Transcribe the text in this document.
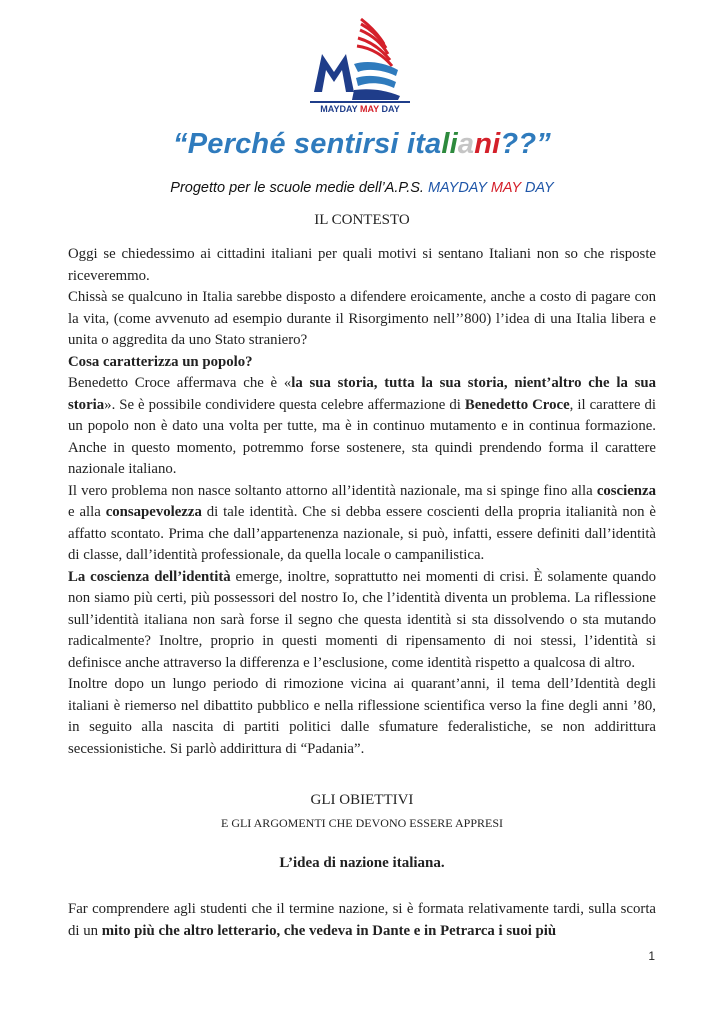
MAYDAY MAY DAY
“Perché sentirsi italiani??”
Progetto per le scuole medie dell’A.P.S. MAYDAY MAY DAY
IL CONTESTO

Oggi se chiedessimo ai cittadini italiani per quali motivi si sentano Italiani non so che risposte riceveremmo.

Chissà se qualcuno in Italia sarebbe disposto a difendere eroicamente, anche a costo di pagare con la vita, (come avvenuto ad esempio durante il Risorgimento nell’’800) l’idea di una Italia libera e unita o aggredita da uno Stato straniero?

Cosa caratterizza un popolo?

Benedetto Croce affermava che è «la sua storia, tutta la sua storia, nient’altro che la sua storia». Se è possibile condividere questa celebre affermazione di Benedetto Croce, il carattere di un popolo non è dato una volta per tutte, ma è in continuo mutamento e in continua formazione. Anche in questo momento, potremmo forse sostenere, sta quindi prendendo forma il carattere nazionale italiano.

Il vero problema non nasce soltanto attorno all’identità nazionale, ma si spinge fino alla coscienza e alla consapevolezza di tale identità. Che si debba essere coscienti della propria italianità non è affatto scontato. Prima che dall’appartenenza nazionale, si può, infatti, essere definiti dall’identità di classe, dall’identità professionale, da quella locale o campanilistica.

La coscienza dell’identità emerge, inoltre, soprattutto nei momenti di crisi. È solamente quando non siamo più certi, più possessori del nostro Io, che l’identità diventa un problema. La riflessione sull’identità italiana non sarà forse il segno che questa identità si sta dissolvendo o sta mutando radicalmente? Inoltre, proprio in questi momenti di ripensamento di noi stessi, l’identità si definisce anche attraverso la differenza e l’esclusione, come identità rispetto a qualcosa di altro.

Inoltre dopo un lungo periodo di rimozione vicina ai quarant’anni, il tema dell’Identità degli italiani è riemerso nel dibattito pubblico e nella riflessione scientifica verso la fine degli anni ’80, in seguito alla nascita di partiti politici dalle sfumature federalistiche, se non addirittura secessionistiche. Si parlò addirittura di “Padania”.

GLI OBIETTIVI
E GLI ARGOMENTI CHE DEVONO ESSERE APPRESI
L’idea di nazione italiana.
Far comprendere agli studenti che il termine nazione, si è formata relativamente tardi, sulla scorta di un mito più che altro letterario, che vedeva in Dante e in Petrarca i suoi più
1
